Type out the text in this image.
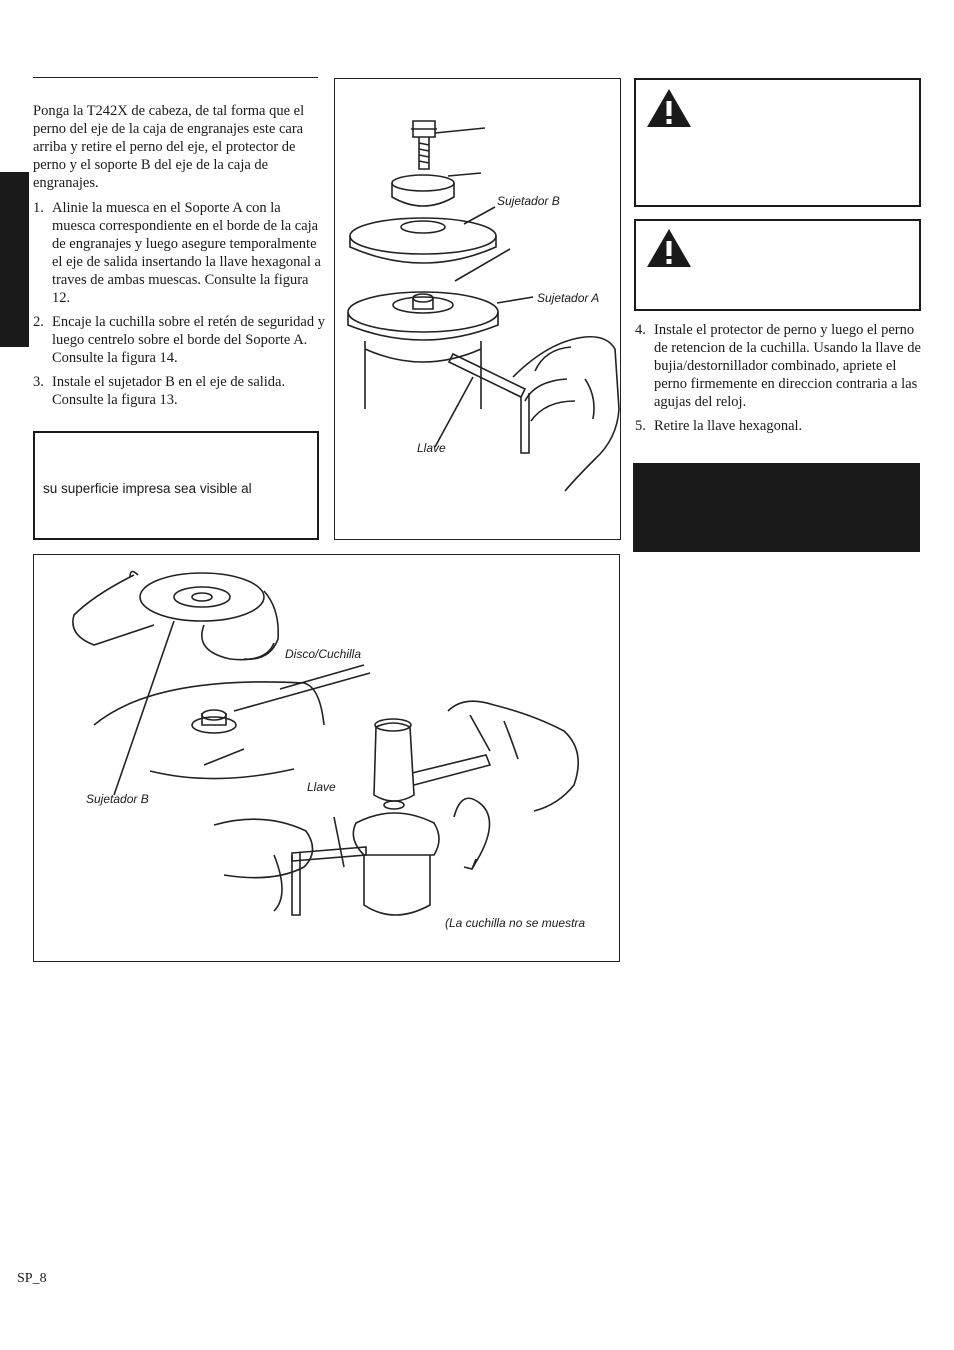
Ponga la T242X de cabeza, de tal forma que el perno del eje de la caja de engranajes este cara arriba y retire el perno del eje, el protector de perno y el soporte B del eje de la caja de engranajes.

1. Alinie la muesca en el Soporte A con la muesca correspondiente en el borde de la caja de engranajes y luego asegure temporalmente el eje de salida insertando la llave hexagonal a traves de ambas muescas. Consulte la figura 12.

2. Encaje la cuchilla sobre el retén de seguridad y luego centrelo sobre el borde del Soporte A. Consulte la figura 14.

3. Instale el sujetador B en el eje de salida. Consulte la figura 13.

su superficie impresa sea visible al
Sujetador B
Sujetador A
Llave
Disco/Cuchilla
Sujetador B
Llave
(La cuchilla no se muestra

4. Instale el protector de perno y luego el perno de retencion de la cuchilla. Usando la llave de bujia/destornillador combinado, apriete el perno firmemente en direccion contraria a las agujas del reloj.

5. Retire la llave hexagonal.

SP_8
